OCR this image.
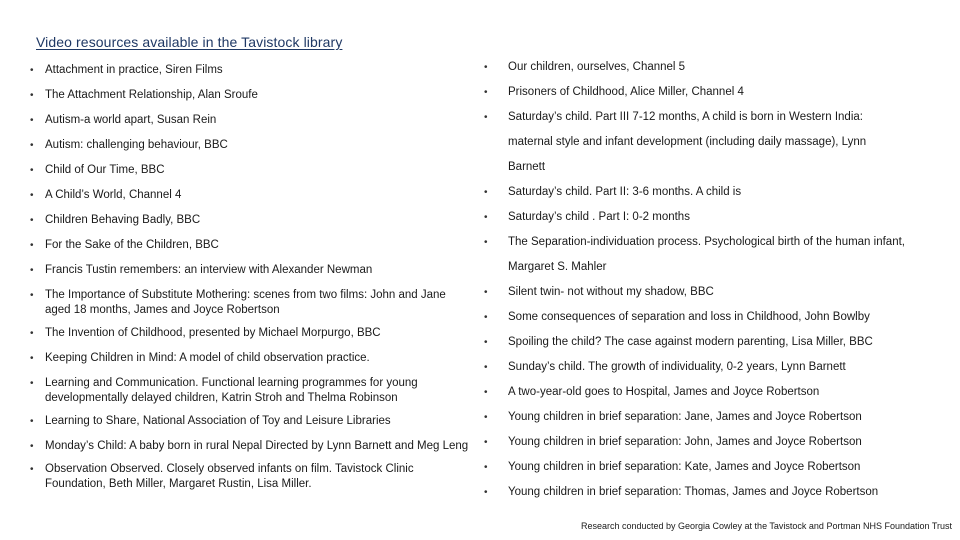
Video resources available in the Tavistock library
• Attachment in practice, Siren Films
• The Attachment Relationship, Alan Sroufe
• Autism-a world apart, Susan Rein
• Autism: challenging behaviour, BBC
• Child of Our Time, BBC
• A Child’s World, Channel 4
• Children Behaving Badly, BBC
• For the Sake of the Children, BBC
• Francis Tustin remembers: an interview with Alexander Newman
• The Importance of Substitute Mothering: scenes from two films: John and Jane aged 18 months, James and Joyce Robertson
• The Invention of Childhood, presented by Michael Morpurgo, BBC
• Keeping Children in Mind: A model of child observation practice.
• Learning and Communication. Functional learning programmes for young developmentally delayed children, Katrin Stroh and Thelma Robinson
• Learning to Share, National Association of Toy and Leisure Libraries
• Monday’s Child: A baby born in rural Nepal Directed by Lynn Barnett and Meg Leng
• Observation Observed. Closely observed infants on film. Tavistock Clinic Foundation, Beth Miller, Margaret Rustin, Lisa Miller.
• Our children, ourselves, Channel 5
• Prisoners of Childhood, Alice Miller, Channel 4
• Saturday’s child. Part III 7-12 months, A child is born in Western India:
maternal style and infant development (including daily massage), Lynn
Barnett
• Saturday’s child. Part II: 3-6 months. A child is
• Saturday’s child . Part I: 0-2 months
• The Separation-individuation process. Psychological birth of the human infant,
Margaret S. Mahler
• Silent twin- not without my shadow, BBC
• Some consequences of separation and loss in Childhood, John Bowlby
• Spoiling the child? The case against modern parenting, Lisa Miller, BBC
• Sunday’s child. The growth of individuality, 0-2 years, Lynn Barnett
• A two-year-old goes to Hospital, James and Joyce Robertson
• Young children in brief separation: Jane, James and Joyce Robertson
• Young children in brief separation: John, James and Joyce Robertson
• Young children in brief separation: Kate, James and Joyce Robertson
• Young children in brief separation: Thomas, James and Joyce Robertson
Research conducted by Georgia Cowley at the Tavistock and Portman NHS Foundation Trust
